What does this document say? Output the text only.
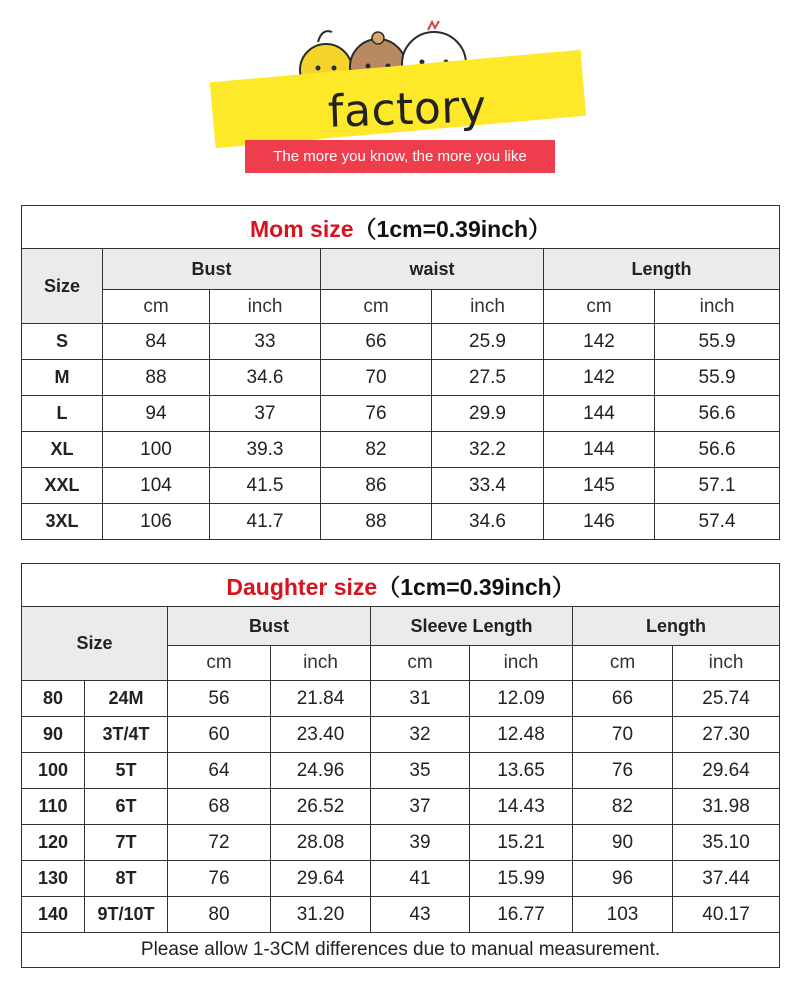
factory
The more you know, the more you like
Mom size（1cm=0.39inch）						
Size	Bust		waist		Length	
	cm	inch	cm	inch	cm	inch
S	84	33	66	25.9	142	55.9
M	88	34.6	70	27.5	142	55.9
L	94	37	76	29.9	144	56.6
XL	100	39.3	82	32.2	144	56.6
XXL	104	41.5	86	33.4	145	57.1
3XL	106	41.7	88	34.6	146	57.4
Daughter size（1cm=0.39inch）							
Size		Bust		Sleeve Length		Length	
		cm	inch	cm	inch	cm	inch
80	24M	56	21.84	31	12.09	66	25.74
90	3T/4T	60	23.40	32	12.48	70	27.30
100	5T	64	24.96	35	13.65	76	29.64
110	6T	68	26.52	37	14.43	82	31.98
120	7T	72	28.08	39	15.21	90	35.10
130	8T	76	29.64	41	15.99	96	37.44
140	9T/10T	80	31.20	43	16.77	103	40.17
Please allow 1-3CM differences due to manual measurement.							
